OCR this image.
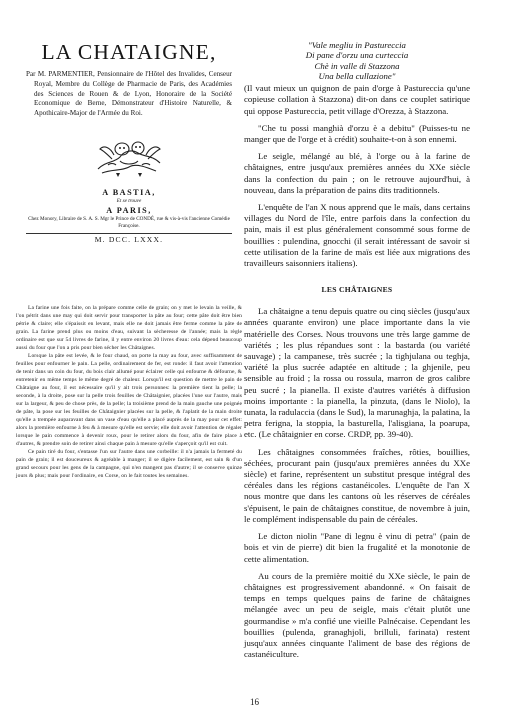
LA CHATAIGNE,

Par M. PARMENTIER, Pensionnaire de l'Hôtel des Invalides, Censeur Royal, Membre du Collège de Pharmacie de Paris, des Académies des Sciences de Rouen & de Lyon, Honoraire de la Société Economique de Berne, Démonstrateur d'Histoire Naturelle, & Apothicaire-Major de l'Armée du Roi.

A BASTIA,
Et se trouve
A PARIS,
Chez Monory, Libraire de S. A. S. Mgr le Prince de CONDÉ, rue & vis-à-vis l'ancienne Comédie Françoise.
M. DCC. LXXX.

La farine une fois faite, on la prépare comme celle de grain; on y met le levain la veille, & l'on pétrit dans une may qui doit servir pour transporter la pâte au four; cette pâte doit être bien pétrie & claire; elle s'épaissit en levant, mais elle ne doit jamais être ferme comme la pâte de grain. La farine prend plus ou moins d'eau, suivant la sècheresse de l'année; mais la règle ordinaire est que sur 54 livres de farine, il y entre environ 20 livres d'eau: cela dépend beaucoup aussi du four que l'on a pris pour bien sécher les Châtaignes.

Lorsque la pâte est levée, & le four chaud, on porte la may au four, avec suffisamment de feuilles pour enfourner le pain. La pelle, ordinairement de fer, est ronde: il faut avoir l'attention de tenir dans un coin du four, du bois clair allumé pour éclairer celle qui enfourne & défourne, & entretenir en même temps le même degré de chaleur. Lorsqu'il est question de mettre le pain de Châtaigne au four, il est nécessaire qu'il y ait trois personnes: la première tient la pelle; la seconde, à la droite, pose sur la pelle trois feuilles de Châtaignier, placées l'une sur l'autre, mais sur la largeur, & peu de chose près, de la pelle; la troisième prend de la main gauche une poignée de pâte, la pose sur les feuilles de Châtaignier placées sur la pelle, & l'aplatit de la main droite qu'elle a trempée auparavant dans un vase d'eau qu'elle a placé auprès de la may pour cet effet: alors la première enfourne à feu & à mesure qu'elle est servie; elle doit avoir l'attention de régaler lorsque le pain commence à devenir roux, pour le retirer alors du four, afin de faire place à d'autres, & prendre soin de retirer ainsi chaque pain à mesure qu'elle s'aperçoit qu'il est cuit.

Ce pain tiré du four, s'entasse l'un sur l'autre dans une corbeille: il n'a jamais la fermeté du pain de grain; il est douceureux & agréable à manger; il se digère facilement, est sain & d'un grand secours pour les gens de la campagne, qui n'en mangent pas d'autre; il se conserve quinze jours & plus; mais pour l'ordinaire, en Corse, on le fait toutes les semaines.

"Vale megliu in Pastureccia
Di pane d'orzu una curteccia
Chè in valle di Stazzona
Una bella cullazione"

(Il vaut mieux un quignon de pain d'orge à Pastureccia qu'une copieuse collation à Stazzona) dit-on dans ce couplet satirique qui oppose Pastureccia, petit village d'Orezza, à Stazzona.

"Che tu possi manghià d'orzu è a debitu" (Puisses-tu ne manger que de l'orge et à crédit) souhaite-t-on à son ennemi.

Le seigle, mélangé au blé, à l'orge ou à la farine de châtaignes, entre jusqu'aux premières années du XXe siècle dans la confection du pain ; on le retrouve aujourd'hui, à nouveau, dans la préparation de pains dits traditionnels.

L'enquête de l'an X nous apprend que le maïs, dans certains villages du Nord de l'île, entre parfois dans la confection du pain, mais il est plus généralement consommé sous forme de bouillies : pulendina, gnocchi (il serait intéressant de savoir si cette utilisation de la farine de maïs est liée aux migrations des travailleurs saisonniers italiens).

LES CHÂTAIGNES

La châtaigne a tenu depuis quatre ou cinq siècles (jusqu'aux années quarante environ) une place importante dans la vie matérielle des Corses. Nous trouvons une très large gamme de variétés ; les plus répandues sont : la bastarda (ou variété sauvage) ; la campanese, très sucrée ; la tighjulana ou teghja, variété la plus sucrée adaptée en altitude ; la ghjenile, peu sensible au froid ; la rossa ou rossula, marron de gros calibre peu sucré ; la pianella. Il existe d'autres variétés à diffusion moins importante : la pianella, la pinzuta, (dans le Niolo), la tunata, la radulaccia (dans le Sud), la marunaghja, la palatina, la petra ferigna, la stoppia, la basturella, l'alisgiana, la poarupa, etc. (Le châtaignier en corse. CRDP, pp. 39-40).

Les châtaignes consommées fraîches, rôties, bouillies, séchées, procurant pain (jusqu'aux premières années du XXe siècle) et farine, représentent un substitut presque intégral des céréales dans les régions castanéicoles. L'enquête de l'an X nous montre que dans les cantons où les réserves de céréales s'épuisent, le pain de châtaignes constitue, de novembre à juin, le complément indispensable du pain de céréales.

Le dicton niolin "Pane di legnu è vinu di petra" (pain de bois et vin de pierre) dit bien la frugalité et la monotonie de cette alimentation.

Au cours de la première moitié du XXe siècle, le pain de châtaignes est progressivement abandonné. « On faisait de temps en temps quelques pains de farine de châtaignes mélangée avec un peu de seigle, mais c'était plutôt une gourmandise » m'a confié une vieille Palnécaise. Cependant les bouillies (pulenda, granaghjoli, brilluli, farinata) restent jusqu'aux années cinquante l'aliment de base des régions de castanéiculture.

16
